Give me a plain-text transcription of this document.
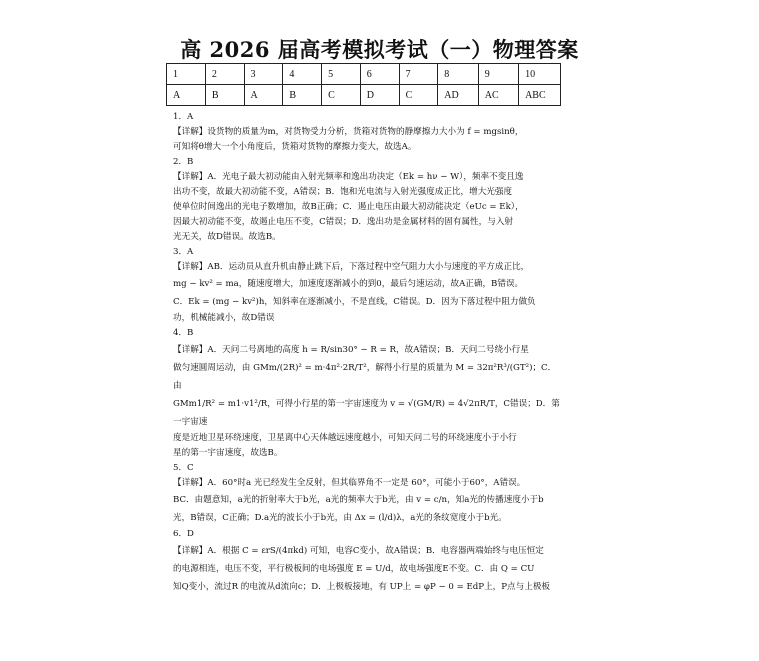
高 2026 届高考模拟考试（一）物理答案
1	2	3	4	5	6	7	8	9	10
A	B	A	B	C	D	C	AD	AC	ABC

1．A

【详解】设货物的质量为m，对货物受力分析，货箱对货物的静摩擦力大小为 f = mgsinθ，

可知将θ增大一个小角度后，货箱对货物的摩擦力变大，故选A。

2．B

【详解】A．光电子最大初动能由入射光频率和逸出功决定（Ek = hν − W），频率不变且逸

出功不变，故最大初动能不变，A错误；B．饱和光电流与入射光强度成正比，增大光强度

使单位时间逸出的光电子数增加，故B正确；C．遏止电压由最大初动能决定（eUc = Ek），

因最大初动能不变，故遏止电压不变，C错误；D．逸出功是金属材料的固有属性，与入射

光无关，故D错误。故选B。

3．A

【详解】AB．运动员从直升机由静止跳下后，下落过程中空气阻力大小与速度的平方成正比，

mg − kv² = ma，随速度增大，加速度逐渐减小的到0，最后匀速运动，故A正确，B错误。

C．Ek = (mg − kv²)h，知斜率在逐渐减小，不是直线，C错误。D．因为下落过程中阻力做负

功，机械能减小，故D错误

4．B

【详解】A．天问二号离地的高度 h = R/sin30° − R = R，故A错误；B．天问二号绕小行星

做匀速圆周运动，由 GMm/(2R)² = m·4π²·2R/T²，解得小行星的质量为 M = 32π²R³/(GT²)；C．由

GMm1/R² = m1·v1²/R，可得小行星的第一宇宙速度为 v = √(GM/R) = 4√2πR/T，C错误；D．第一宇宙速

度是近地卫星环绕速度，卫星离中心天体越远速度越小，可知天问二号的环绕速度小于小行

星的第一宇宙速度，故选B。

5．C

【详解】A．60°时a 光已经发生全反射，但其临界角不一定是 60°，可能小于60°，A错误。

BC．由题意知，a光的折射率大于b光，a光的频率大于b光，由 v = c/n，知a光的传播速度小于b

光，B错误，C正确；D.a光的波长小于b光，由 Δx = (l/d)λ，a光的条纹宽度小于b光。

6．D

【详解】A．根据 C = εrS/(4πkd) 可知，电容C变小，故A错误；B．电容器两端始终与电压恒定

的电源相连，电压不变，平行极板间的电场强度 E = U/d，故电场强度E不变。C．由 Q = CU

知Q变小，流过R 的电流从d流向c；D．上极板接地，有 UP上 = φP − 0 = EdP上，P点与上极板
